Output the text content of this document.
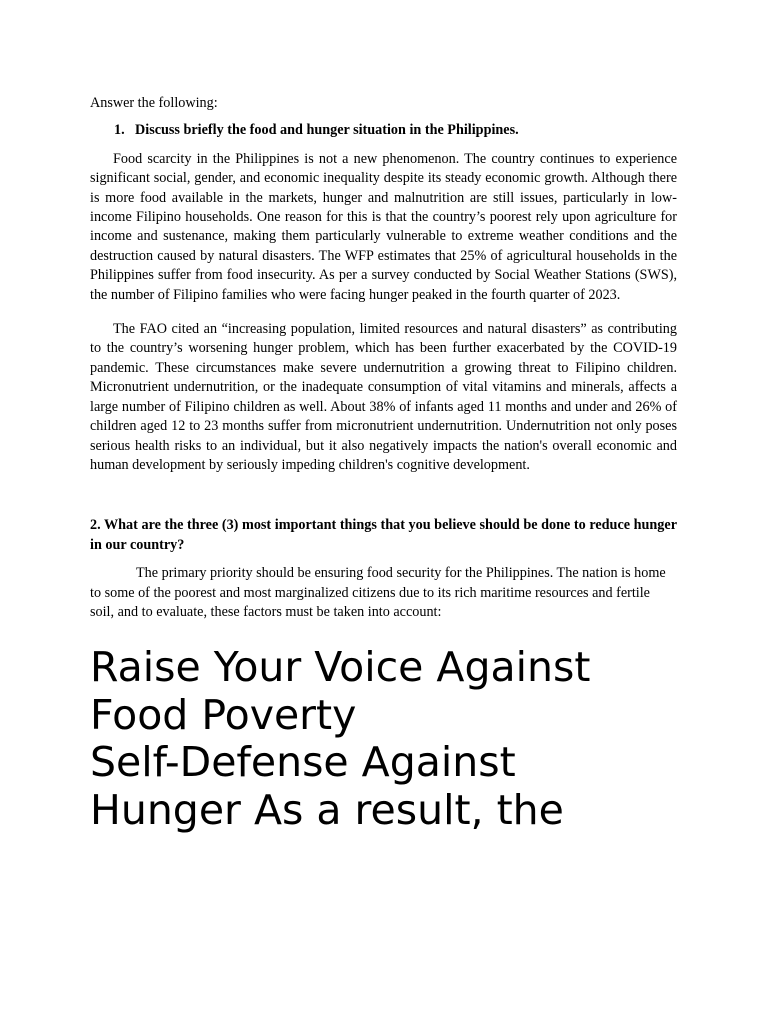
Answer the following:

1. Discuss briefly the food and hunger situation in the Philippines.

Food scarcity in the Philippines is not a new phenomenon. The country continues to experience significant social, gender, and economic inequality despite its steady economic growth. Although there is more food available in the markets, hunger and malnutrition are still issues, particularly in low-income Filipino households. One reason for this is that the country’s poorest rely upon agriculture for income and sustenance, making them particularly vulnerable to extreme weather conditions and the destruction caused by natural disasters. The WFP estimates that 25% of agricultural households in the Philippines suffer from food insecurity. As per a survey conducted by Social Weather Stations (SWS), the number of Filipino families who were facing hunger peaked in the fourth quarter of 2023.

The FAO cited an “increasing population, limited resources and natural disasters” as contributing to the country’s worsening hunger problem, which has been further exacerbated by the COVID-19 pandemic. These circumstances make severe undernutrition a growing threat to Filipino children. Micronutrient undernutrition, or the inadequate consumption of vital vitamins and minerals, affects a large number of Filipino children as well. About 38% of infants aged 11 months and under and 26% of children aged 12 to 23 months suffer from micronutrient undernutrition. Undernutrition not only poses serious health risks to an individual, but it also negatively impacts the nation's overall economic and human development by seriously impeding children's cognitive development.

2. What are the three (3) most important things that you believe should be done to reduce hunger in our country?

The primary priority should be ensuring food security for the Philippines. The nation is home to some of the poorest and most marginalized citizens due to its rich maritime resources and fertile soil, and to evaluate, these factors must be taken into account:

Raise Your Voice Against
Food Poverty
Self-Defense Against
Hunger As a result, the
